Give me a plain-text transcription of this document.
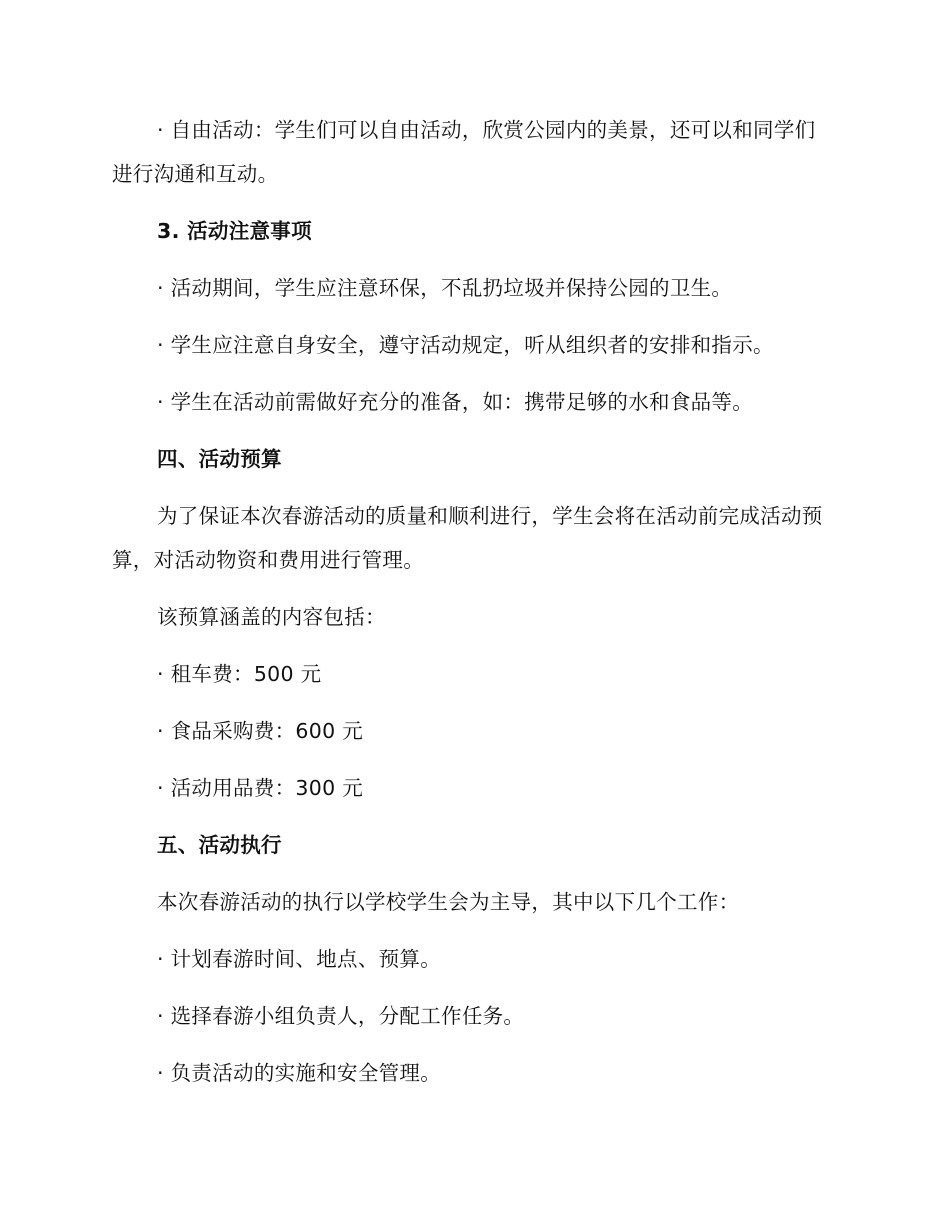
· 自由活动：学生们可以自由活动，欣赏公园内的美景，还可以和同学们进行沟通和互动。

3. 活动注意事项

· 活动期间，学生应注意环保，不乱扔垃圾并保持公园的卫生。

· 学生应注意自身安全，遵守活动规定，听从组织者的安排和指示。

· 学生在活动前需做好充分的准备，如：携带足够的水和食品等。

四、活动预算

为了保证本次春游活动的质量和顺利进行，学生会将在活动前完成活动预算，对活动物资和费用进行管理。

该预算涵盖的内容包括：

· 租车费：500 元

· 食品采购费：600 元

· 活动用品费：300 元

五、活动执行

本次春游活动的执行以学校学生会为主导，其中以下几个工作：

· 计划春游时间、地点、预算。

· 选择春游小组负责人，分配工作任务。

· 负责活动的实施和安全管理。
